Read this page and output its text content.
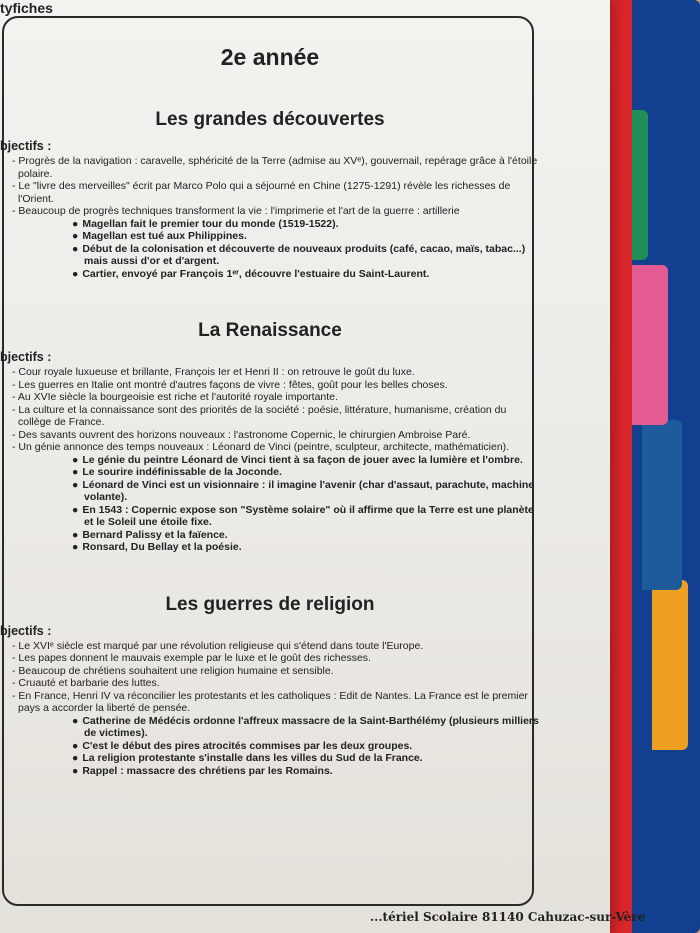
tyfiches
2e année
Les grandes découvertes
bjectifs :
- Progrès de la navigation : caravelle, sphéricité de la Terre (admise au XVᵉ), gouvernail, repérage grâce à l'étoile polaire.
- Le "livre des merveilles" écrit par Marco Polo qui a séjourné en Chine (1275-1291) révèle les richesses de l'Orient.
- Beaucoup de progrès techniques transforment la vie : l'imprimerie et l'art de la guerre : artillerie
● Magellan fait le premier tour du monde (1519-1522).
● Magellan est tué aux Philippines.
● Début de la colonisation et découverte de nouveaux produits (café, cacao, maïs, tabac...) mais aussi d'or et d'argent.
● Cartier, envoyé par François 1ᵉʳ, découvre l'estuaire du Saint-Laurent.
La Renaissance
bjectifs :
- Cour royale luxueuse et brillante, François Ier et Henri II : on retrouve le goût du luxe.
- Les guerres en Italie ont montré d'autres façons de vivre : fêtes, goût pour les belles choses.
- Au XVIe siècle la bourgeoisie est riche et l'autorité royale importante.
- La culture et la connaissance sont des priorités de la société : poésie, littérature, humanisme, création du collège de France.
- Des savants ouvrent des horizons nouveaux : l'astronome Copernic, le chirurgien Ambroise Paré.
- Un génie annonce des temps nouveaux : Léonard de Vinci (peintre, sculpteur, architecte, mathématicien).
● Le génie du peintre Léonard de Vinci tient à sa façon de jouer avec la lumière et l'ombre.
● Le sourire indéfinissable de la Joconde.
● Léonard de Vinci est un visionnaire : il imagine l'avenir (char d'assaut, parachute, machine volante).
● En 1543 : Copernic expose son "Système solaire" où il affirme que la Terre est une planète et le Soleil une étoile fixe.
● Bernard Palissy et la faïence.
● Ronsard, Du Bellay et la poésie.
Les guerres de religion
bjectifs :
- Le XVIᵉ siècle est marqué par une révolution religieuse qui s'étend dans toute l'Europe.
- Les papes donnent le mauvais exemple par le luxe et le goût des richesses.
- Beaucoup de chrétiens souhaitent une religion humaine et sensible.
- Cruauté et barbarie des luttes.
- En France, Henri IV va réconcilier les protestants et les catholiques : Edit de Nantes. La France est le premier pays a accorder la liberté de pensée.
● Catherine de Médécis ordonne l'affreux massacre de la Saint-Barthélémy (plusieurs milliers de victimes).
● C'est le début des pires atrocités commises par les deux groupes.
● La religion protestante s'installe dans les villes du Sud de la France.
● Rappel : massacre des chrétiens par les Romains.
...tériel Scolaire 81140 Cahuzac-sur-Vère
